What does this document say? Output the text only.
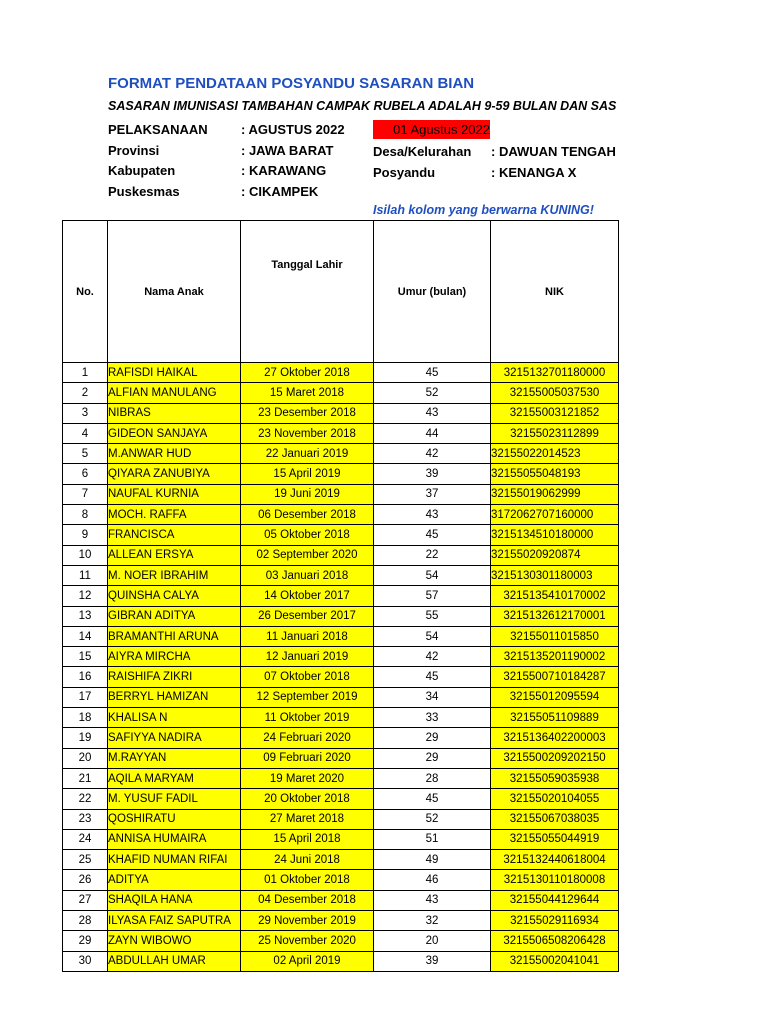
FORMAT PENDATAAN POSYANDU SASARAN BIAN
SASARAN IMUNISASI TAMBAHAN CAMPAK RUBELA ADALAH 9-59 BULAN DAN SAS
PELAKSANAAN	: AGUSTUS 2022
Provinsi	: JAWA BARAT
Kabupaten	: KARAWANG
Puskesmas	: CIKAMPEK
01 Agustus 2022
Desa/Kelurahan : DAWUAN TENGAH
Posyandu	: KENANGA X
Isilah kolom yang berwarna KUNING!
No.	Nama Anak	Tanggal Lahir	Umur (bulan)	NIK
1	RAFISDI HAIKAL	27 Oktober 2018	45	3215132701180000
2	ALFIAN MANULANG	15 Maret 2018	52	32155005037530
3	NIBRAS	23 Desember 2018	43	32155003121852
4	GIDEON SANJAYA	23 November 2018	44	32155023112899
5	M.ANWAR HUD	22 Januari 2019	42	32155022014523
6	QIYARA ZANUBIYA	15 April 2019	39	32155055048193
7	NAUFAL KURNIA	19 Juni 2019	37	32155019062999
8	MOCH. RAFFA	06 Desember 2018	43	3172062707160000
9	FRANCISCA	05 Oktober 2018	45	3215134510180000
10	ALLEAN ERSYA	02 September 2020	22	32155020920874
11	M. NOER IBRAHIM	03 Januari 2018	54	3215130301180003
12	QUINSHA CALYA	14 Oktober 2017	57	3215135410170002
13	GIBRAN ADITYA	26 Desember 2017	55	3215132612170001
14	BRAMANTHI ARUNA	11 Januari 2018	54	32155011015850
15	AIYRA MIRCHA	12 Januari 2019	42	3215135201190002
16	RAISHIFA ZIKRI	07 Oktober 2018	45	3215500710184287
17	BERRYL HAMIZAN	12 September 2019	34	32155012095594
18	KHALISA N	11 Oktober 2019	33	32155051109889
19	SAFIYYA NADIRA	24 Februari 2020	29	3215136402200003
20	M.RAYYAN	09 Februari 2020	29	3215500209202150
21	AQILA MARYAM	19 Maret 2020	28	32155059035938
22	M. YUSUF FADIL	20 Oktober 2018	45	32155020104055
23	QOSHIRATU	27 Maret 2018	52	32155067038035
24	ANNISA HUMAIRA	15 April 2018	51	32155055044919
25	KHAFID NUMAN RIFAI	24 Juni 2018	49	3215132440618004
26	ADITYA	01 Oktober 2018	46	3215130110180008
27	SHAQILA HANA	04 Desember 2018	43	32155044129644
28	ILYASA FAIZ SAPUTRA	29 November 2019	32	32155029116934
29	ZAYN WIBOWO	25 November 2020	20	3215506508206428
30	ABDULLAH UMAR	02 April 2019	39	32155002041041
